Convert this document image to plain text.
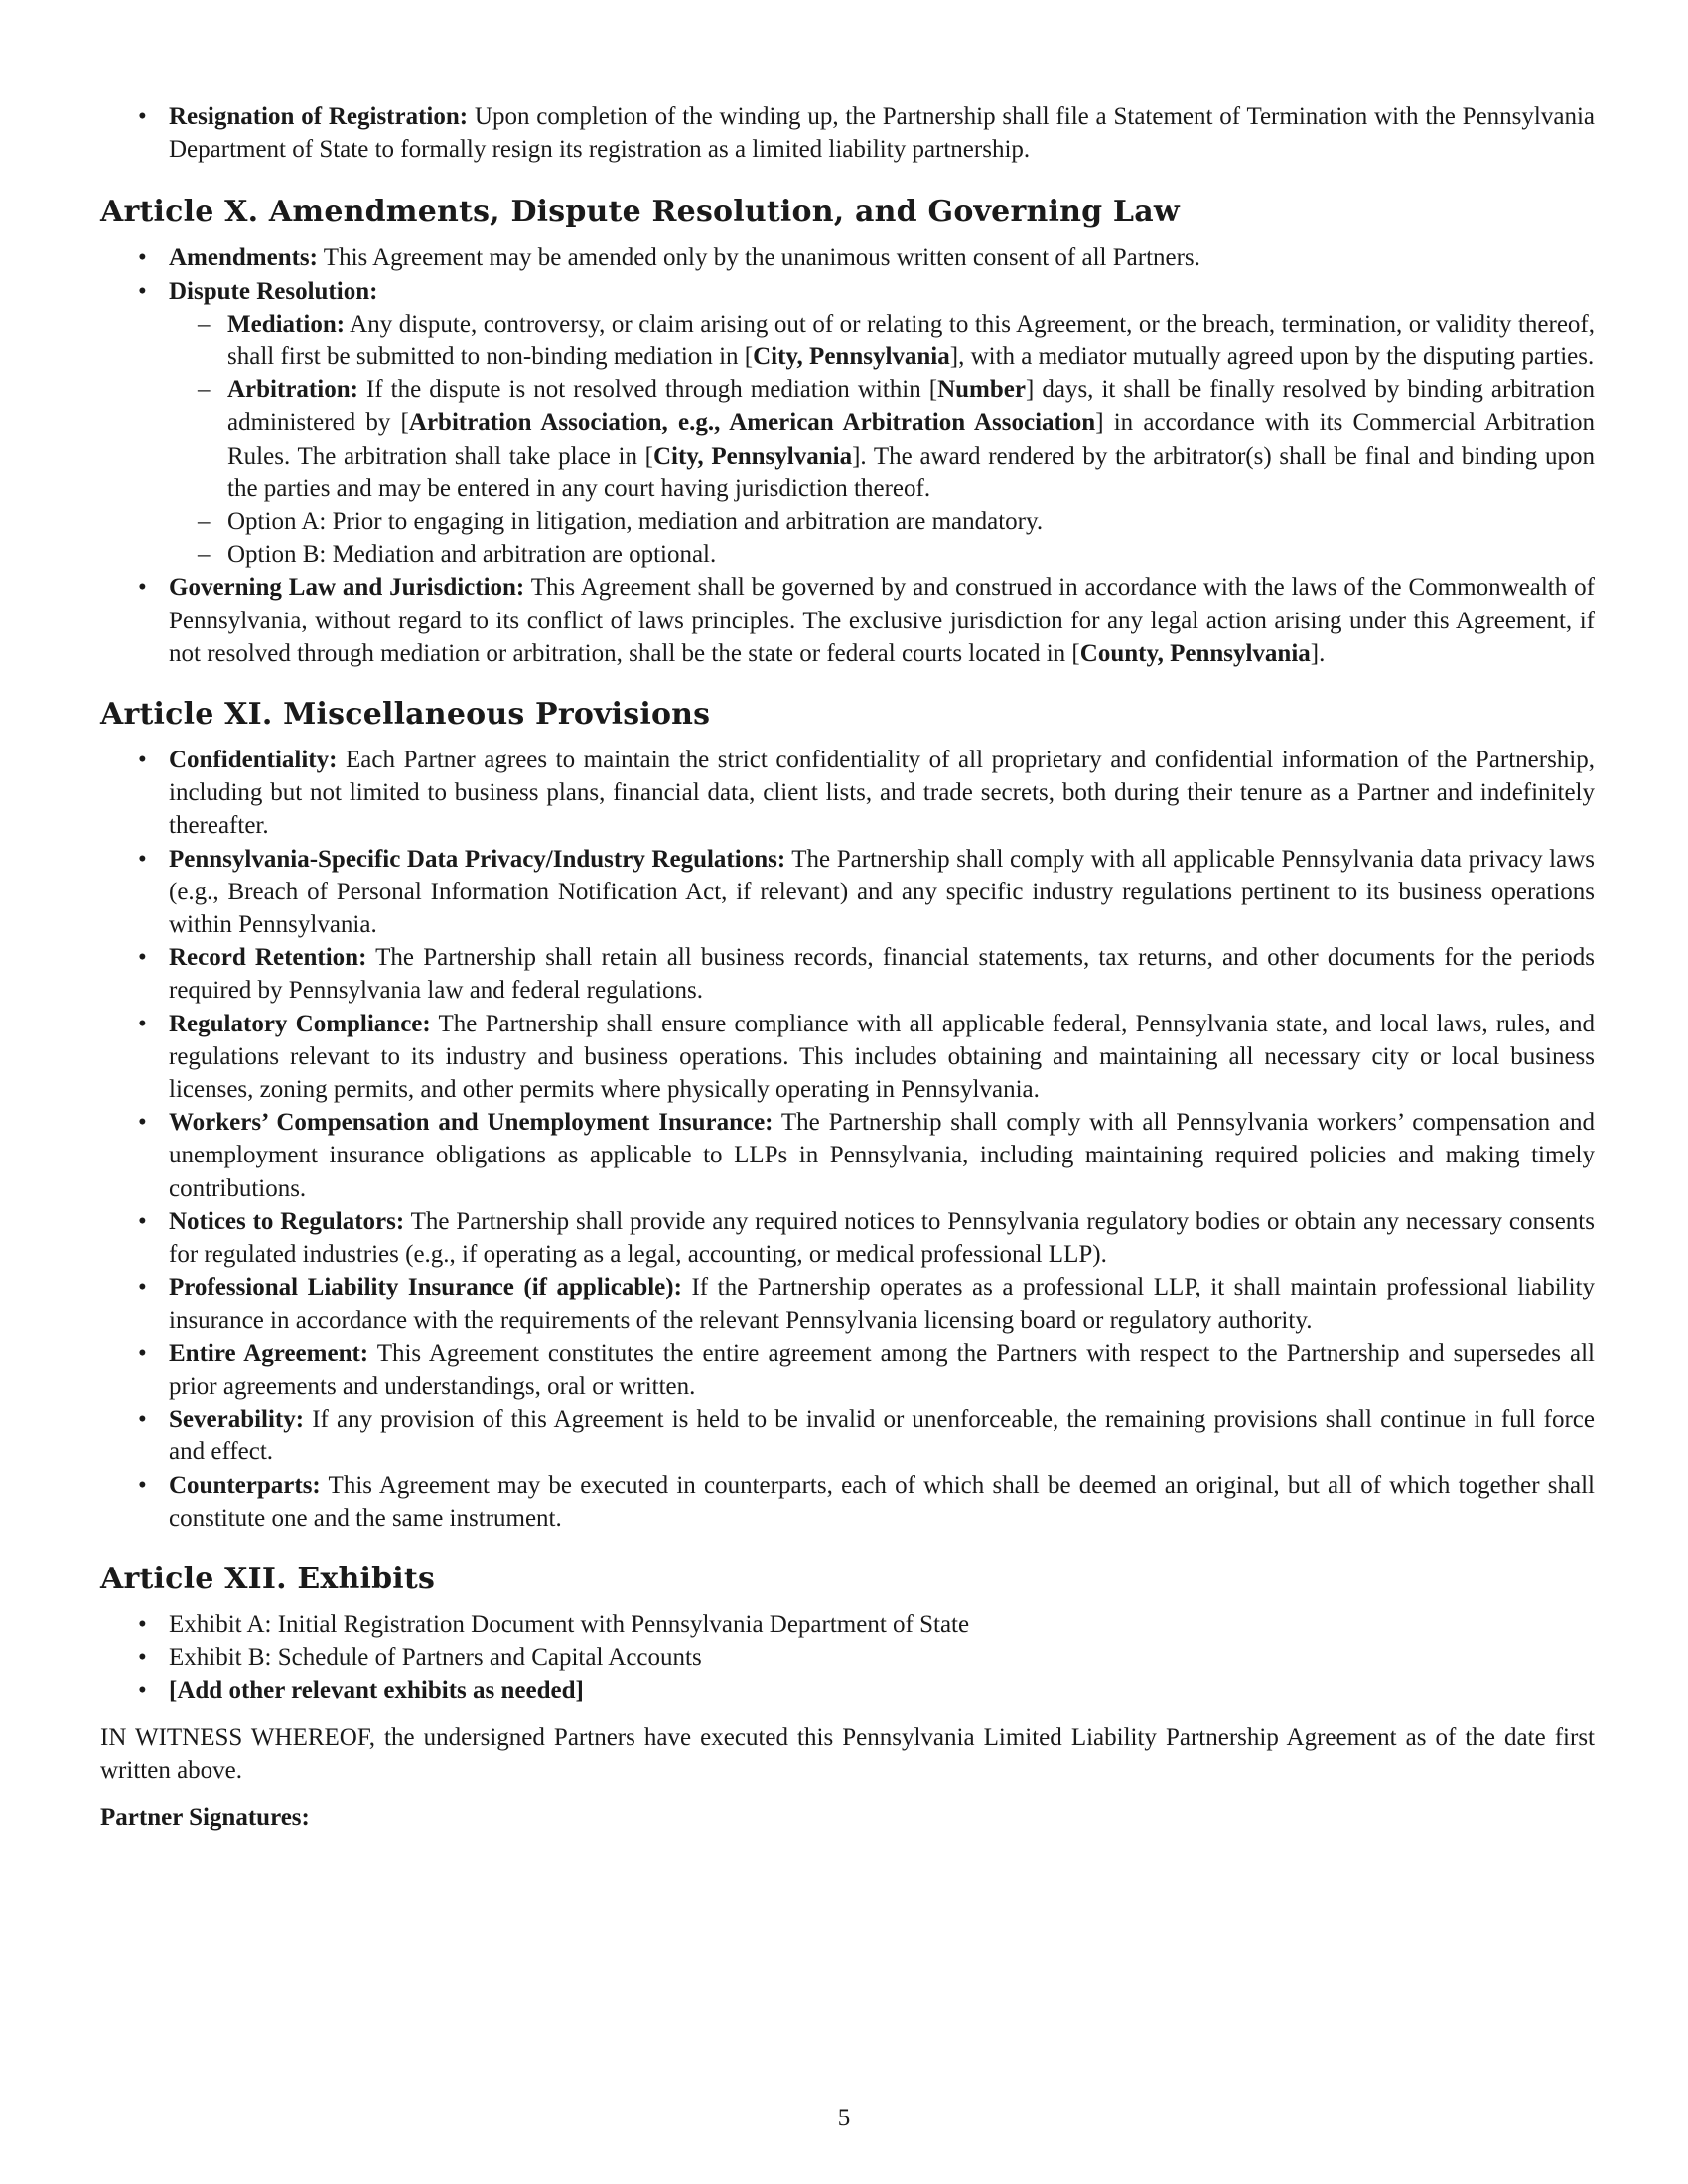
• Resignation of Registration: Upon completion of the winding up, the Partnership shall file a Statement of Termination with the Pennsylvania Department of State to formally resign its registration as a limited liability partnership.
Article X. Amendments, Dispute Resolution, and Governing Law
• Amendments: This Agreement may be amended only by the unanimous written consent of all Partners.
• Dispute Resolution:
– Mediation: Any dispute, controversy, or claim arising out of or relating to this Agreement, or the breach, termination, or validity thereof, shall first be submitted to non-binding mediation in [City, Pennsylvania], with a mediator mutually agreed upon by the disputing parties.
– Arbitration: If the dispute is not resolved through mediation within [Number] days, it shall be finally resolved by binding arbitration administered by [Arbitration Association, e.g., American Arbitration Association] in accordance with its Commercial Arbitration Rules. The arbitration shall take place in [City, Pennsylvania]. The award rendered by the arbitrator(s) shall be final and binding upon the parties and may be entered in any court having jurisdiction thereof.
– Option A: Prior to engaging in litigation, mediation and arbitration are mandatory.
– Option B: Mediation and arbitration are optional.
• Governing Law and Jurisdiction: This Agreement shall be governed by and construed in accordance with the laws of the Commonwealth of Pennsylvania, without regard to its conflict of laws principles. The exclusive jurisdiction for any legal action arising under this Agreement, if not resolved through mediation or arbitration, shall be the state or federal courts located in [County, Pennsylvania].
Article XI. Miscellaneous Provisions
• Confidentiality: Each Partner agrees to maintain the strict confidentiality of all proprietary and confidential information of the Partnership, including but not limited to business plans, financial data, client lists, and trade secrets, both during their tenure as a Partner and indefinitely thereafter.
• Pennsylvania-Specific Data Privacy/Industry Regulations: The Partnership shall comply with all applicable Pennsylvania data privacy laws (e.g., Breach of Personal Information Notification Act, if relevant) and any specific industry regulations pertinent to its business operations within Pennsylvania.
• Record Retention: The Partnership shall retain all business records, financial statements, tax returns, and other documents for the periods required by Pennsylvania law and federal regulations.
• Regulatory Compliance: The Partnership shall ensure compliance with all applicable federal, Pennsylvania state, and local laws, rules, and regulations relevant to its industry and business operations. This includes obtaining and maintaining all necessary city or local business licenses, zoning permits, and other permits where physically operating in Pennsylvania.
• Workers’ Compensation and Unemployment Insurance: The Partnership shall comply with all Pennsylvania workers’ compensation and unemployment insurance obligations as applicable to LLPs in Pennsylvania, including maintaining required policies and making timely contributions.
• Notices to Regulators: The Partnership shall provide any required notices to Pennsylvania regulatory bodies or obtain any necessary consents for regulated industries (e.g., if operating as a legal, accounting, or medical professional LLP).
• Professional Liability Insurance (if applicable): If the Partnership operates as a professional LLP, it shall maintain professional liability insurance in accordance with the requirements of the relevant Pennsylvania licensing board or regulatory authority.
• Entire Agreement: This Agreement constitutes the entire agreement among the Partners with respect to the Partnership and supersedes all prior agreements and understandings, oral or written.
• Severability: If any provision of this Agreement is held to be invalid or unenforceable, the remaining provisions shall continue in full force and effect.
• Counterparts: This Agreement may be executed in counterparts, each of which shall be deemed an original, but all of which together shall constitute one and the same instrument.
Article XII. Exhibits
• Exhibit A: Initial Registration Document with Pennsylvania Department of State
• Exhibit B: Schedule of Partners and Capital Accounts
• [Add other relevant exhibits as needed]

IN WITNESS WHEREOF, the undersigned Partners have executed this Pennsylvania Limited Liability Partnership Agreement as of the date first written above.

Partner Signatures:

5
